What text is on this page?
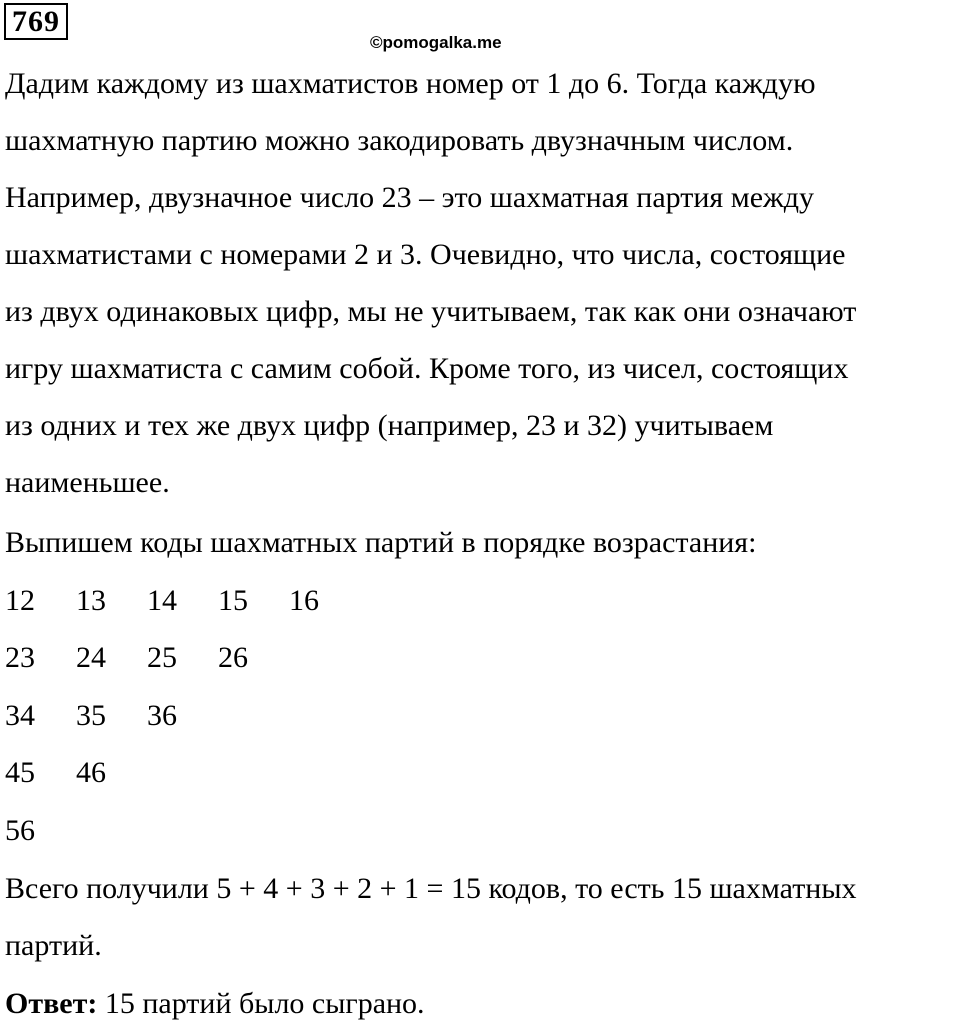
769
©pomogalka.me
Дадим каждому из шахматистов номер от 1 до 6. Тогда каждую
шахматную партию можно закодировать двузначным числом.
Например, двузначное число 23 – это шахматная партия между
шахматистами с номерами 2 и 3. Очевидно, что числа, состоящие
из двух одинаковых цифр, мы не учитываем, так как они означают
игру шахматиста с самим собой. Кроме того, из чисел, состоящих
из одних и тех же двух цифр (например, 23 и 32) учитываем
наименьшее.
Выпишем коды шахматных партий в порядке возрастания:
12 13 14 15 16
23 24 25 26
34 35 36
45 46
56
Всего получили 5 + 4 + 3 + 2 + 1 = 15 кодов, то есть 15 шахматных
партий.
Ответ: 15 партий было сыграно.
